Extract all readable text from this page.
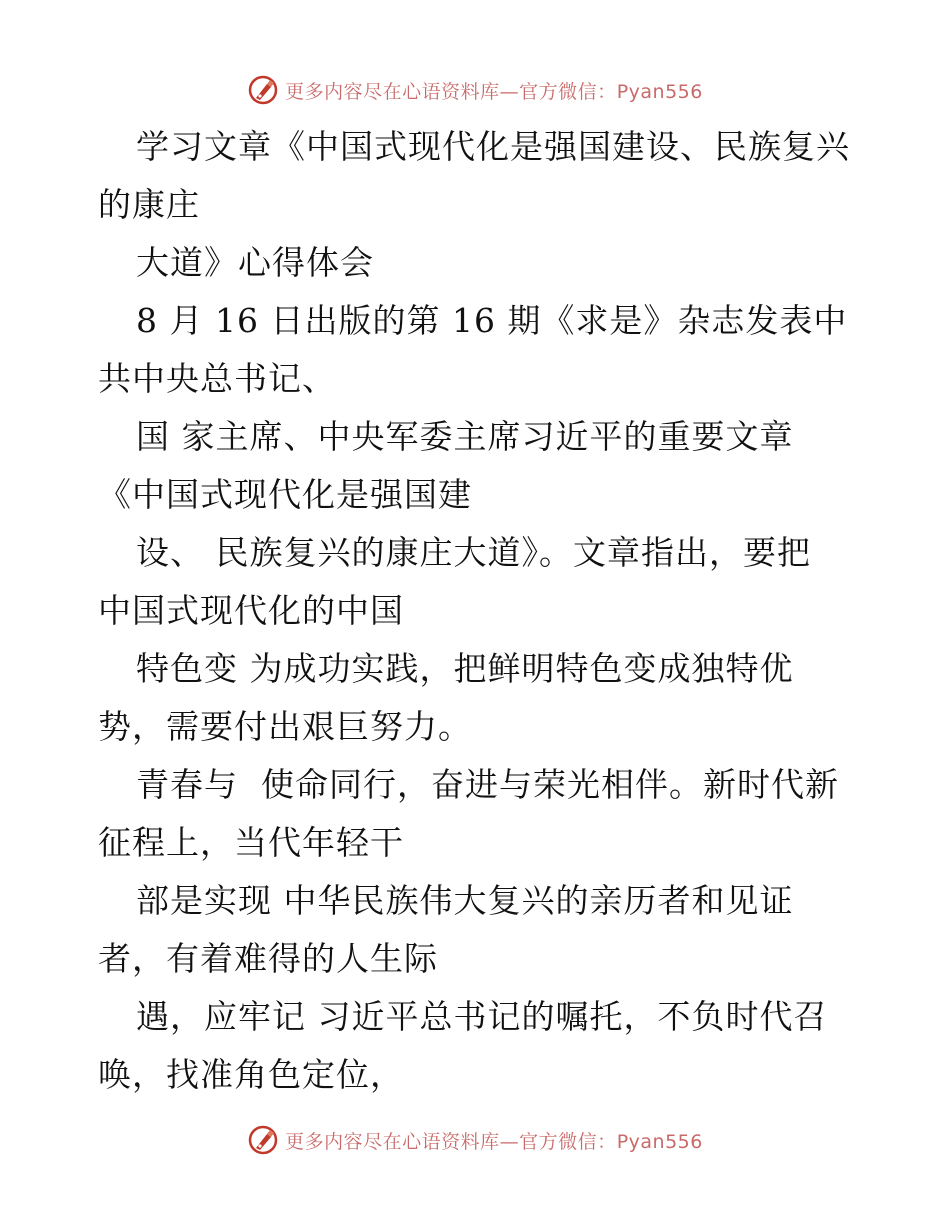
更多内容尽在心语资料库—官方微信：Pyan556
学习文章《中国式现代化是强国建设、民族复兴
的康庄
大道》心得体会
8 月 16 日出版的第 16 期《求是》杂志发表中
共中央总书记、
国 家主席、中央军委主席习近平的重要文章
《中国式现代化是强国建
设、 民族复兴的康庄大道》。文章指出，要把
中国式现代化的中国
特色变 为成功实践，把鲜明特色变成独特优
势，需要付出艰巨努力。
青春与  使命同行，奋进与荣光相伴。新时代新
征程上，当代年轻干
部是实现 中华民族伟大复兴的亲历者和见证
者，有着难得的人生际
遇，应牢记 习近平总书记的嘱托，不负时代召
唤，找准角色定位，
更多内容尽在心语资料库—官方微信：Pyan556
